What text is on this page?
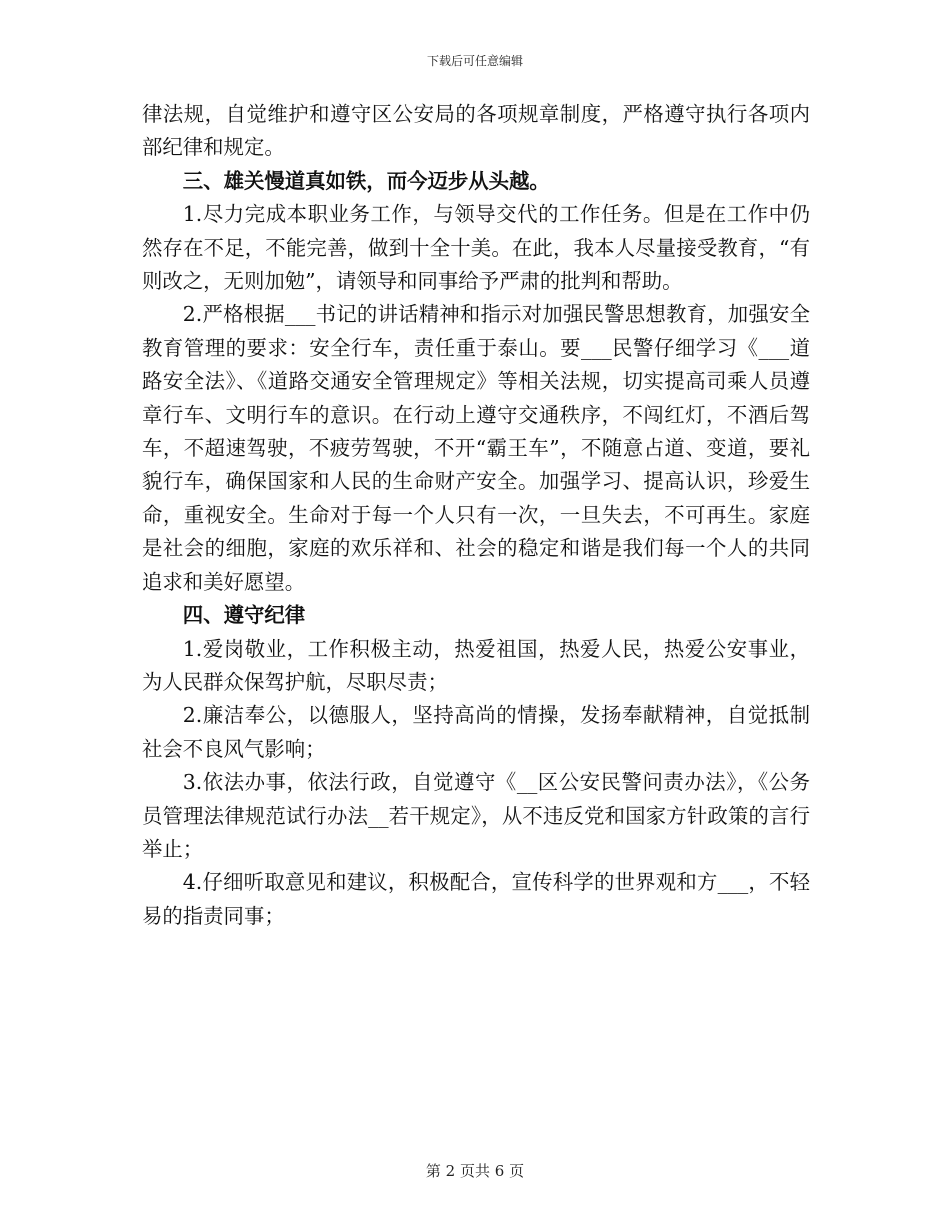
下载后可任意编辑

律法规，自觉维护和遵守区公安局的各项规章制度，严格遵守执行各项内部纪律和规定。

三、雄关慢道真如铁，而今迈步从头越。

1.尽力完成本职业务工作，与领导交代的工作任务。但是在工作中仍然存在不足，不能完善，做到十全十美。在此，我本人尽量接受教育，“有则改之，无则加勉”，请领导和同事给予严肃的批判和帮助。

2.严格根据___书记的讲话精神和指示对加强民警思想教育，加强安全教育管理的要求：安全行车，责任重于泰山。要___民警仔细学习《___道路安全法》、《道路交通安全管理规定》等相关法规，切实提高司乘人员遵章行车、文明行车的意识。在行动上遵守交通秩序，不闯红灯，不酒后驾车，不超速驾驶，不疲劳驾驶，不开“霸王车”，不随意占道、变道，要礼貌行车，确保国家和人民的生命财产安全。加强学习、提高认识，珍爱生命，重视安全。生命对于每一个人只有一次，一旦失去，不可再生。家庭是社会的细胞，家庭的欢乐祥和、社会的稳定和谐是我们每一个人的共同追求和美好愿望。

四、遵守纪律

1.爱岗敬业，工作积极主动，热爱祖国，热爱人民，热爱公安事业，为人民群众保驾护航，尽职尽责；

2.廉洁奉公，以德服人，坚持高尚的情操，发扬奉献精神，自觉抵制社会不良风气影响；

3.依法办事，依法行政，自觉遵守《__区公安民警问责办法》，《公务员管理法律规范试行办法__若干规定》，从不违反党和国家方针政策的言行举止；

4.仔细听取意见和建议，积极配合，宣传科学的世界观和方___，不轻易的指责同事；

第 2 页共 6 页
